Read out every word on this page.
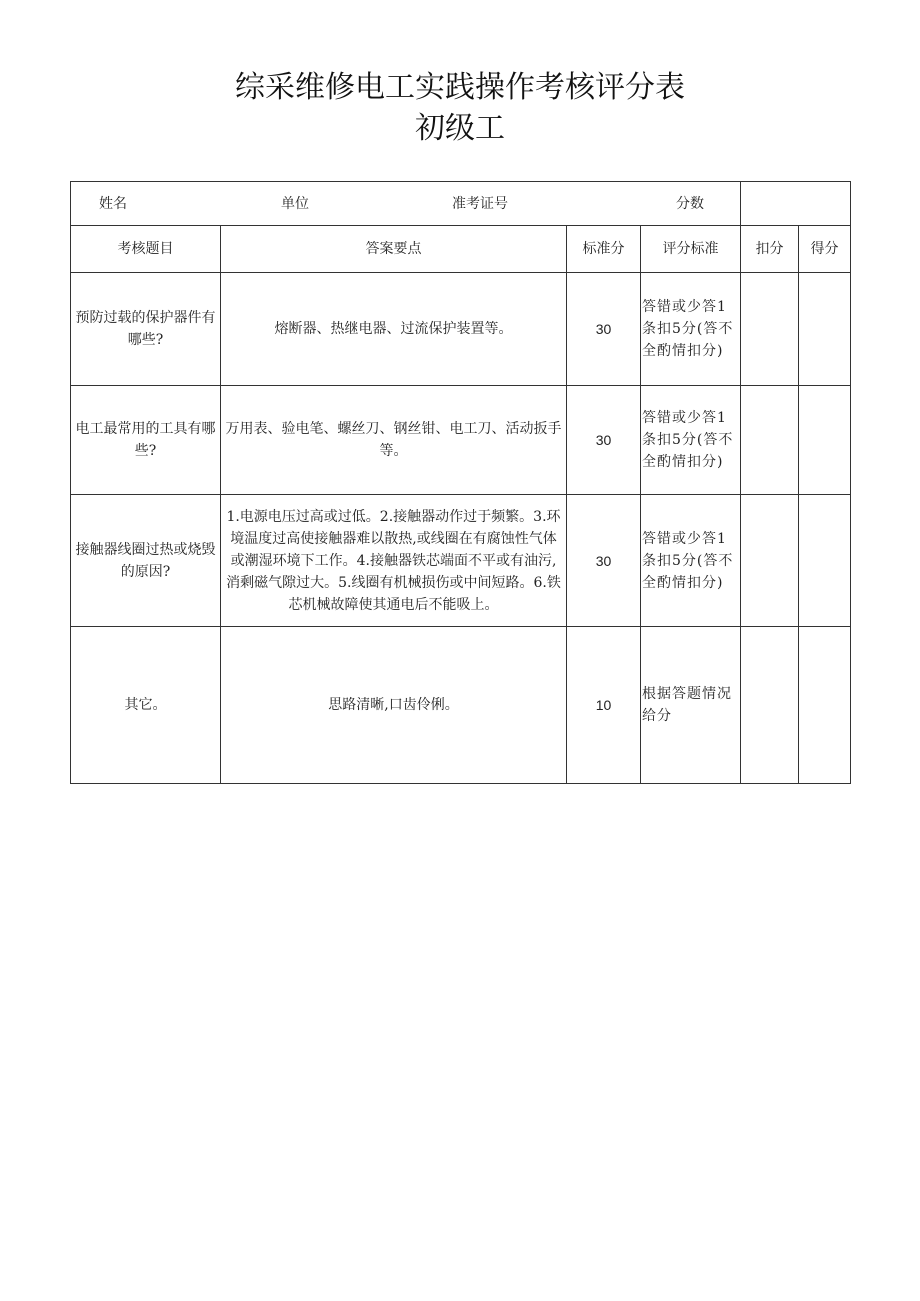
综采维修电工实践操作考核评分表
初级工
姓名 单位 准考证号 分数					

考核题目	答案要点	标准分	评分标准	扣分	得分
预防过载的保护器件有哪些?	熔断器、热继电器、过流保护装置等。	30	答错或少答1条扣5分(答不全酌情扣分)		
电工最常用的工具有哪些?	万用表、验电笔、螺丝刀、钢丝钳、电工刀、活动扳手等。	30	答错或少答1条扣5分(答不全酌情扣分)		
接触器线圈过热或烧毁的原因?	1.电源电压过高或过低。2.接触器动作过于频繁。3.环境温度过高使接触器难以散热,或线圈在有腐蚀性气体或潮湿环境下工作。4.接触器铁芯端面不平或有油污,消剩磁气隙过大。5.线圈有机械损伤或中间短路。6.铁芯机械故障使其通电后不能吸上。	30	答错或少答1条扣5分(答不全酌情扣分)		
其它。	思路清晰,口齿伶俐。	10	根据答题情况给分		
